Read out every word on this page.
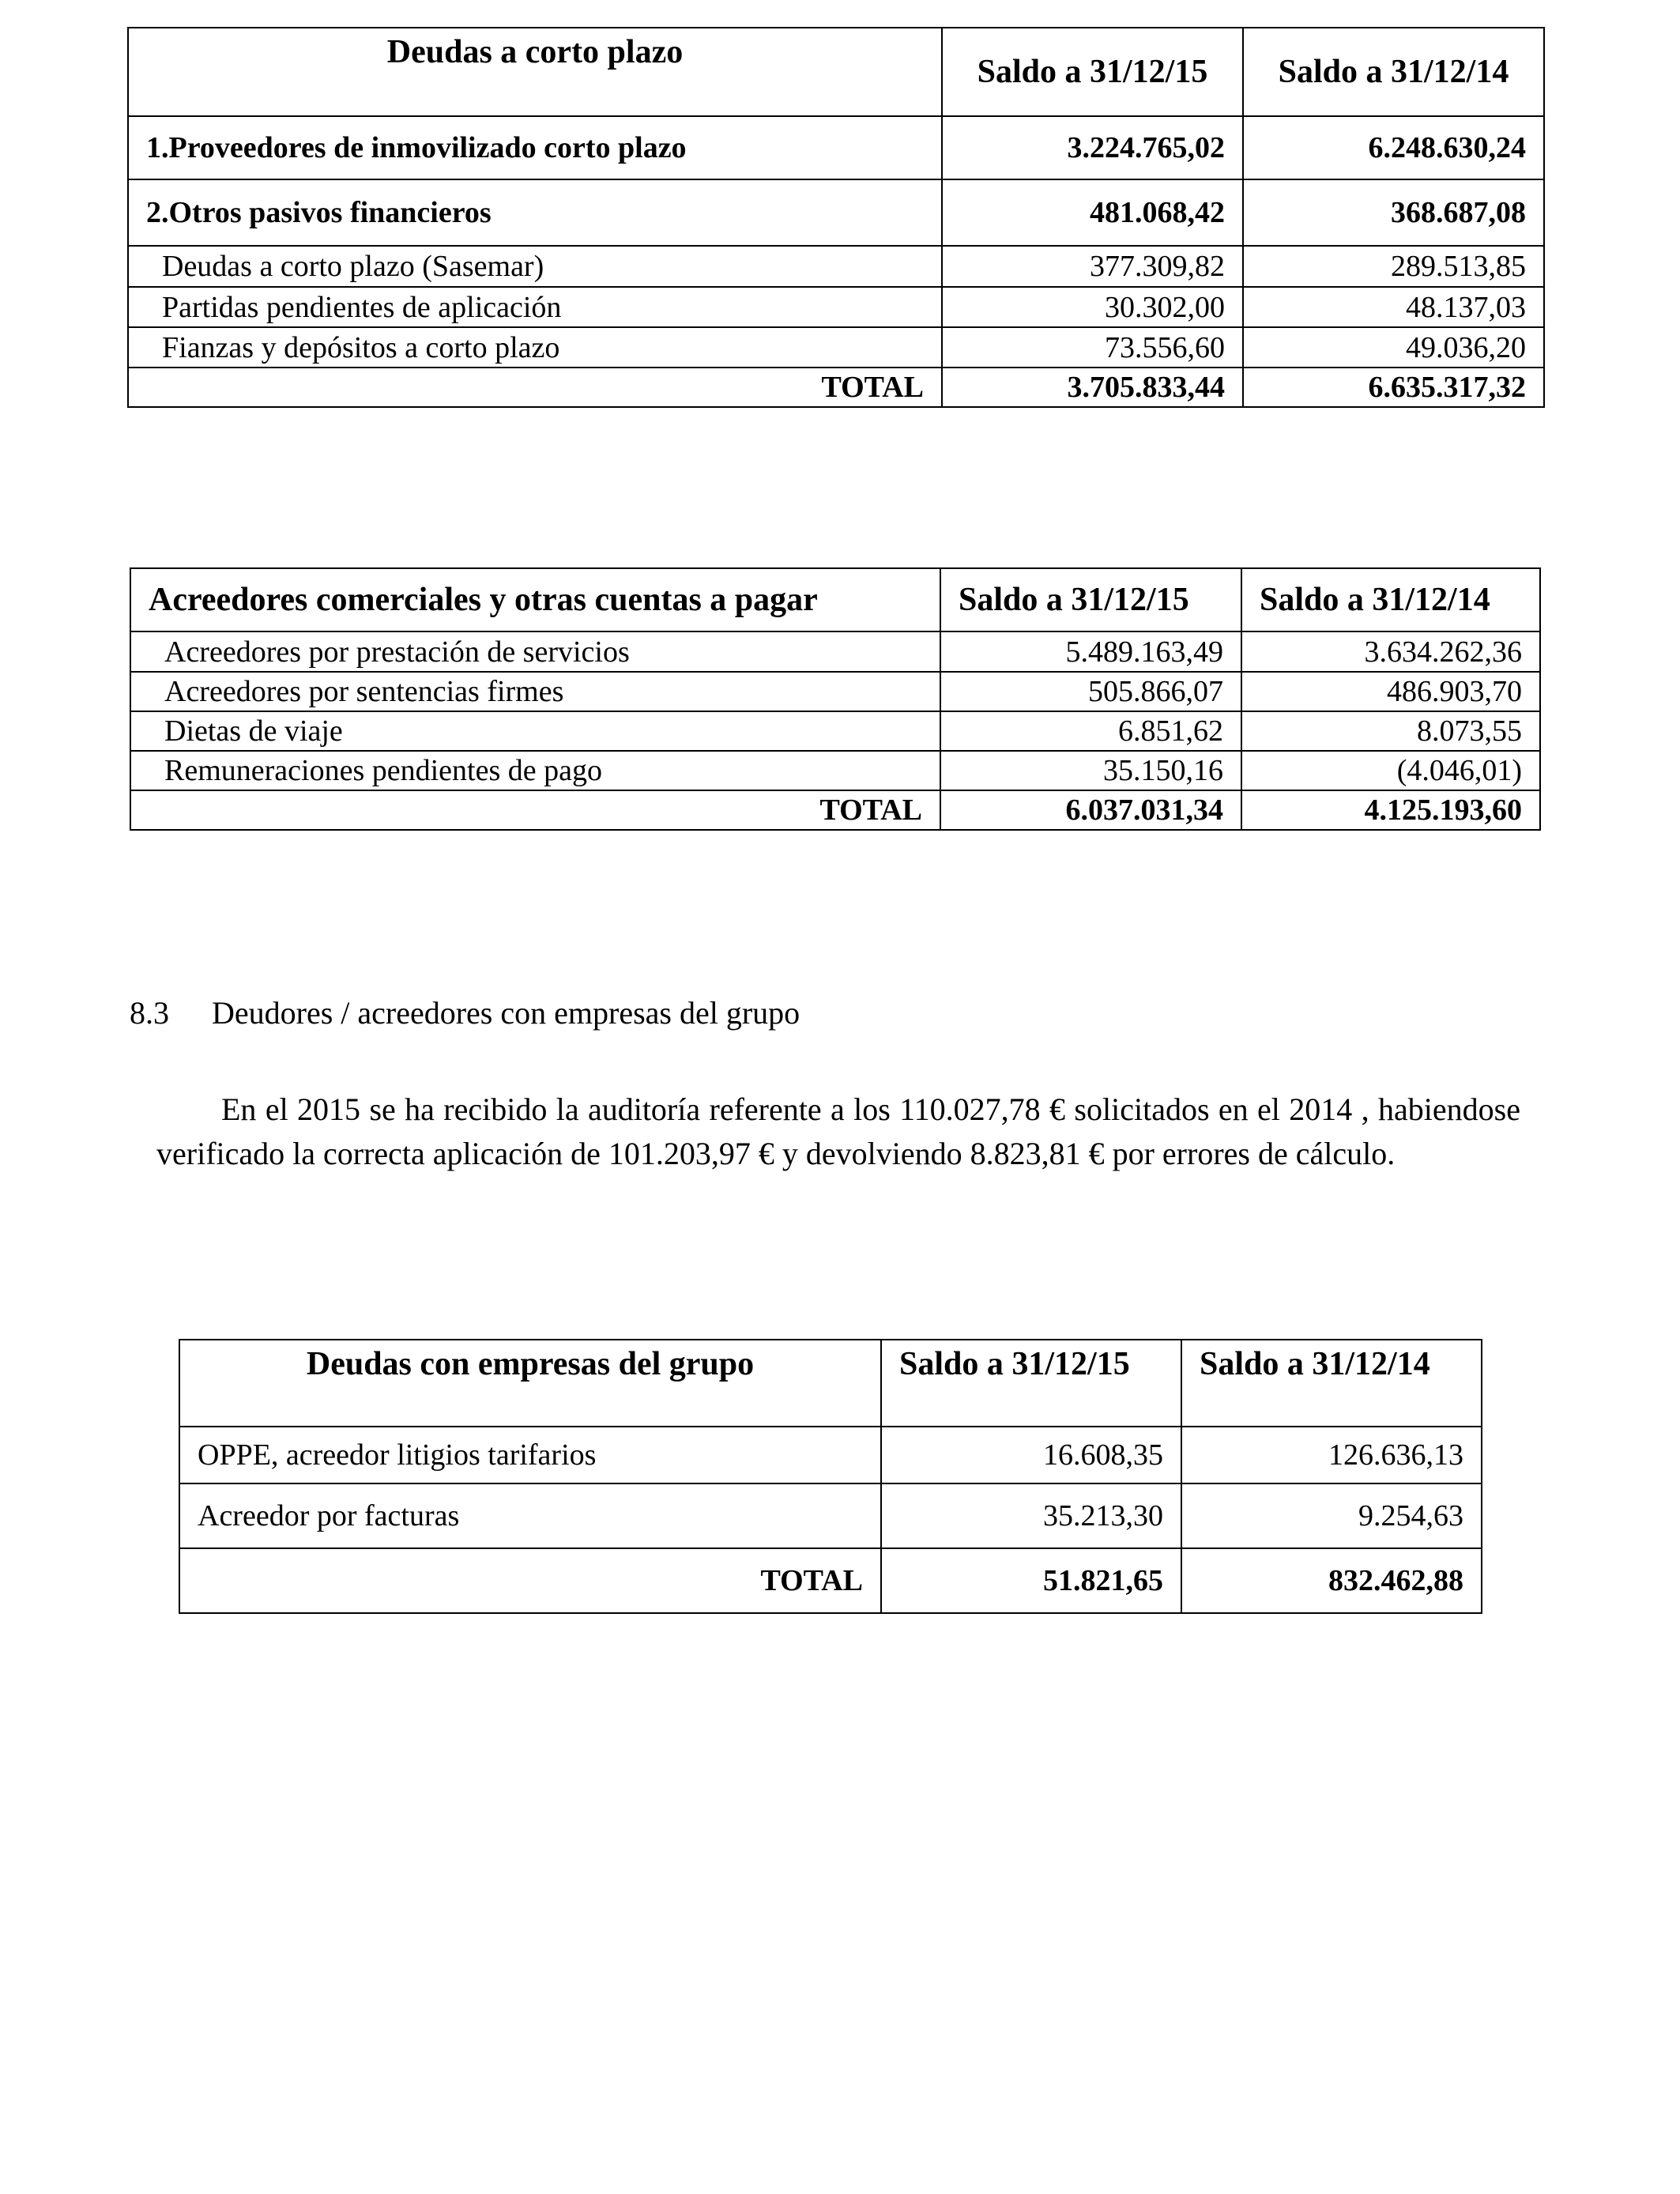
Deudas a corto plazo	Saldo a 31/12/15	Saldo a 31/12/14
1.Proveedores de inmovilizado corto plazo	3.224.765,02	6.248.630,24
2.Otros pasivos financieros	481.068,42	368.687,08
Deudas a corto plazo (Sasemar)	377.309,82	289.513,85
Partidas pendientes de aplicación	30.302,00	48.137,03
Fianzas y depósitos a corto plazo	73.556,60	49.036,20
TOTAL	3.705.833,44	6.635.317,32
Acreedores comerciales y otras cuentas a pagar	Saldo a 31/12/15	Saldo a 31/12/14
Acreedores por prestación de servicios	5.489.163,49	3.634.262,36
Acreedores por sentencias firmes	505.866,07	486.903,70
Dietas de viaje	6.851,62	8.073,55
Remuneraciones pendientes de pago	35.150,16	(4.046,01)
TOTAL	6.037.031,34	4.125.193,60
8.3 Deudores / acreedores con empresas del grupo
En el 2015 se ha recibido la auditoría referente a los 110.027,78 € solicitados en el 2014 , habiendose verificado la correcta aplicación de 101.203,97 € y devolviendo 8.823,81 € por errores de cálculo.
Deudas con empresas del grupo	Saldo a 31/12/15	Saldo a 31/12/14
OPPE, acreedor litigios tarifarios	16.608,35	126.636,13
Acreedor por facturas	35.213,30	9.254,63
TOTAL	51.821,65	832.462,88
